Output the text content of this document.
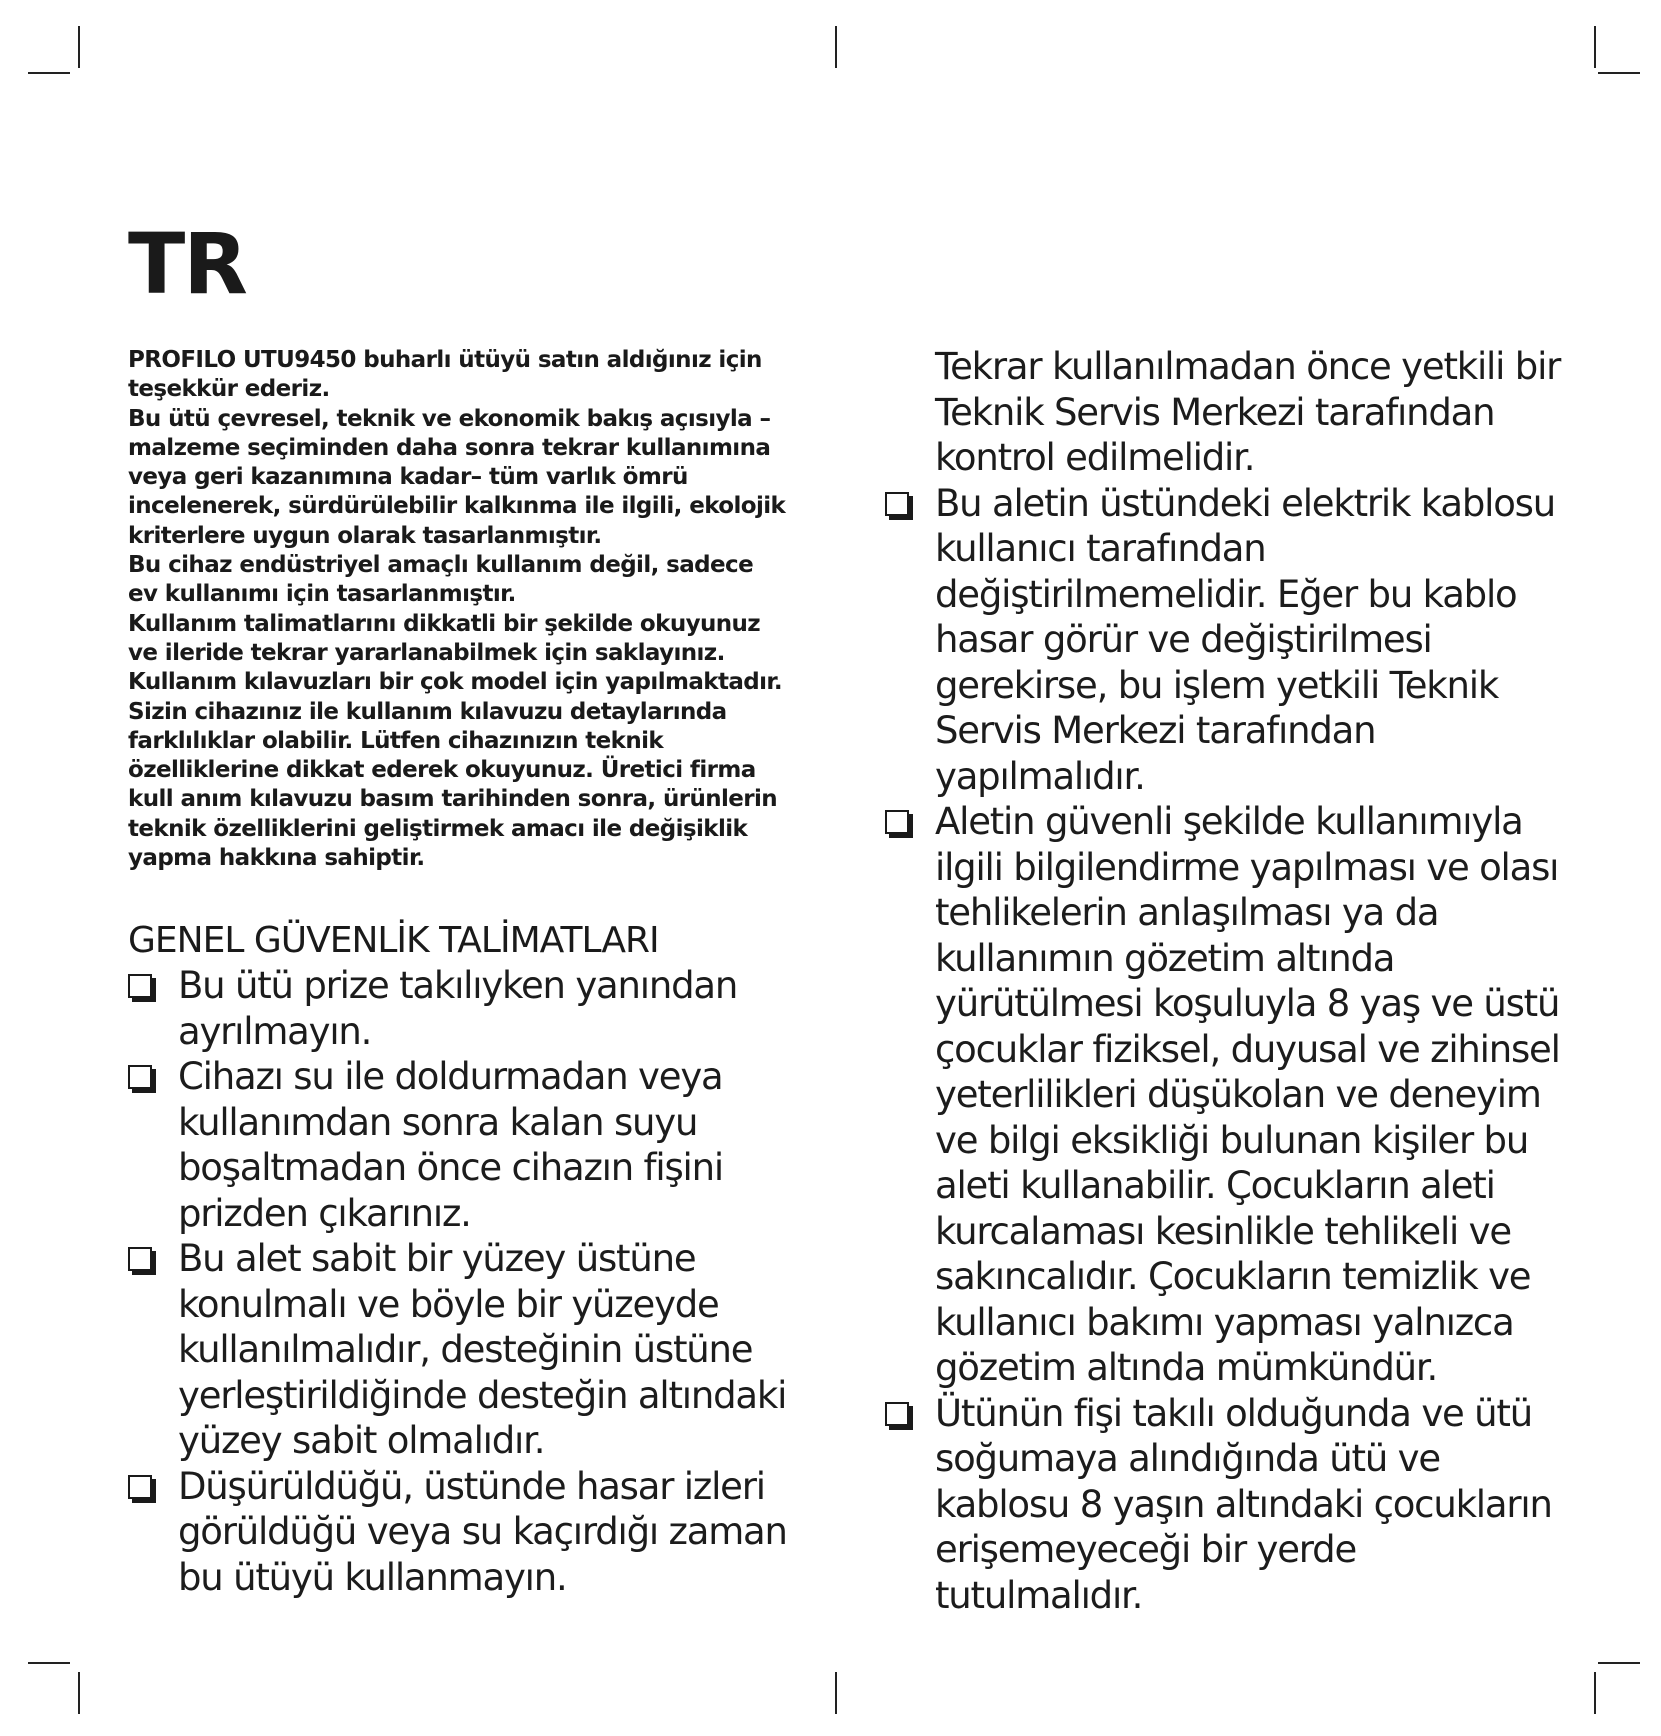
TR

PROFILO UTU9450 buharlı ütüyü satın aldığınız için teşekkür ederiz.

Bu ütü çevresel, teknik ve ekonomik bakış açısıyla – malzeme seçiminden daha sonra tekrar kullanımına veya geri kazanımına kadar– tüm varlık ömrü incelenerek, sürdürülebilir kalkınma ile ilgili, ekolojik kriterlere uygun olarak tasarlanmıştır.

Bu cihaz endüstriyel amaçlı kullanım değil, sadece ev kullanımı için tasarlanmıştır.

Kullanım talimatlarını dikkatli bir şekilde okuyunuz ve ileride tekrar yararlanabilmek için saklayınız.

Kullanım kılavuzları bir çok model için yapılmaktadır. Sizin cihazınız ile kullanım kılavuzu detaylarında farklılıklar olabilir. Lütfen cihazınızın teknik özelliklerine dikkat ederek okuyunuz. Üretici firma kull anım kılavuzu basım tarihinden sonra, ürünlerin teknik özelliklerini geliştirmek amacı ile değişiklik yapma hakkına sahiptir.

GENEL GÜVENLİK TALİMATLARI
Bu ütü prize takılıyken yanından ayrılmayın.
Cihazı su ile doldurmadan veya kullanımdan sonra kalan suyu boşaltmadan önce cihazın fişini prizden çıkarınız.
Bu alet sabit bir yüzey üstüne konulmalı ve böyle bir yüzeyde kullanılmalıdır, desteğinin üstüne yerleştirildiğinde desteğin altındaki yüzey sabit olmalıdır.
Düşürüldüğü, üstünde hasar izleri görüldüğü veya su kaçırdığı zaman bu ütüyü kullanmayın.
Tekrar kullanılmadan önce yetkili bir Teknik Servis Merkezi tarafından kontrol edilmelidir.
Bu aletin üstündeki elektrik kablosu kullanıcı tarafından değiştirilmemelidir. Eğer bu kablo hasar görür ve değiştirilmesi gerekirse, bu işlem yetkili Teknik Servis Merkezi tarafından yapılmalıdır.
Aletin güvenli şekilde kullanımıyla ilgili bilgilendirme yapılması ve olası tehlikelerin anlaşılması ya da kullanımın gözetim altında yürütülmesi koşuluyla 8 yaş ve üstü çocuklar fiziksel, duyusal ve zihinsel yeterlilikleri düşükolan ve deneyim ve bilgi eksikliği bulunan kişiler bu aleti kullanabilir. Çocukların aleti kurcalaması kesinlikle tehlikeli ve sakıncalıdır. Çocukların temizlik ve kullanıcı bakımı yapması yalnızca gözetim altında mümkündür.
Ütünün fişi takılı olduğunda ve ütü soğumaya alındığında ütü ve kablosu 8 yaşın altındaki çocukların erişemeyeceği bir yerde tutulmalıdır.
